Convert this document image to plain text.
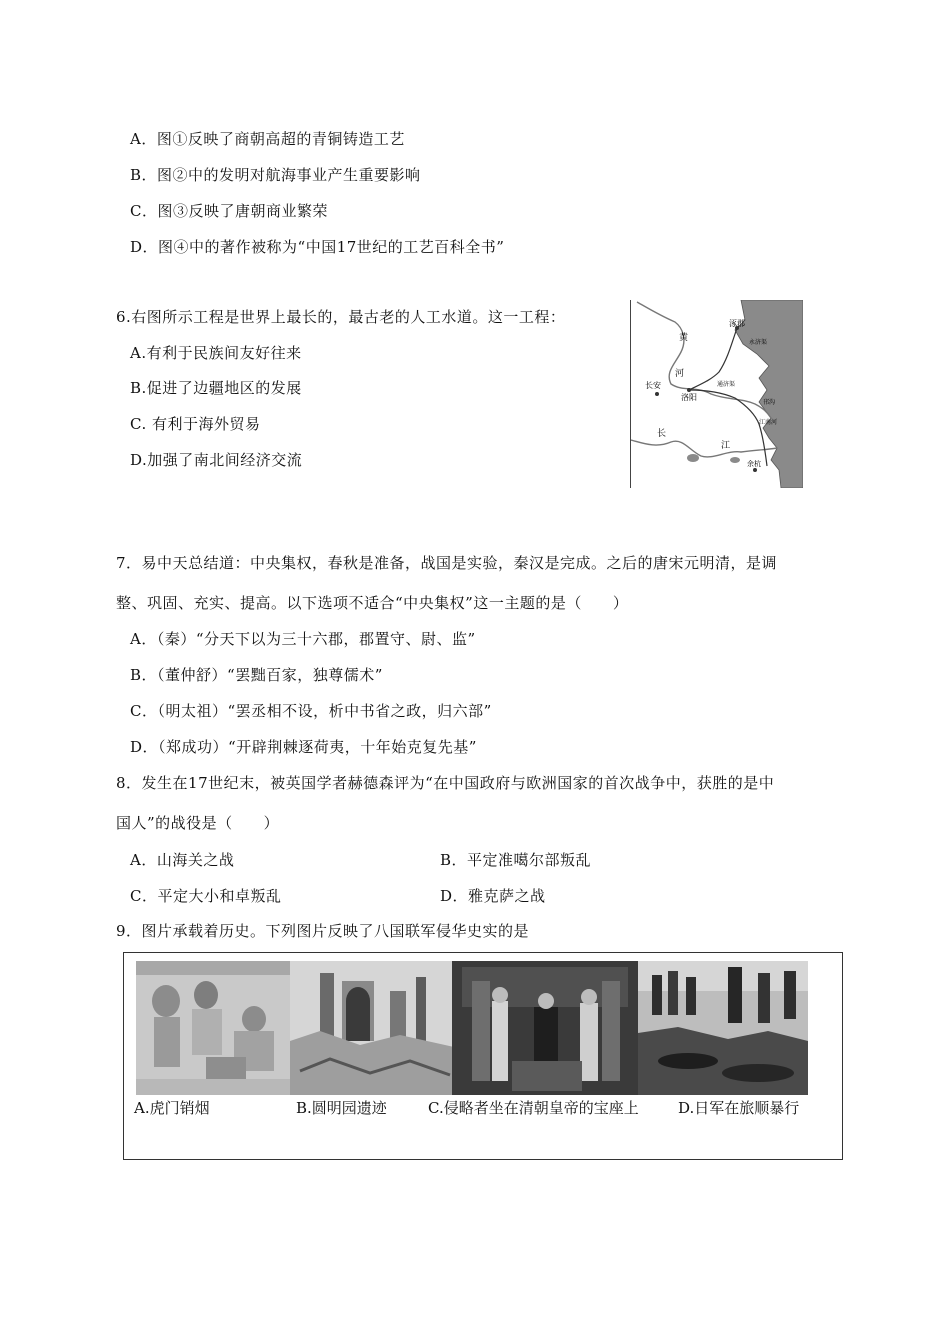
A．图①反映了商朝高超的青铜铸造工艺
B．图②中的发明对航海事业产生重要影响
C．图③反映了唐朝商业繁荣
D．图④中的著作被称为“中国17世纪的工艺百科全书”
6.右图所示工程是世界上最长的，最古老的人工水道。这一工程：
A.有利于民族间友好往来
B.促进了边疆地区的发展
C. 有利于海外贸易
D.加强了南北间经济交流
涿郡
永济渠
黄
河
长安	通济渠
洛阳
邗沟
江南河
长
江
余杭
7．易中天总结道：中央集权，春秋是准备，战国是实验，秦汉是完成。之后的唐宋元明清，是调
整、巩固、充实、提高。以下选项不适合“中央集权”这一主题的是（　　）
A．（秦）“分天下以为三十六郡，郡置守、尉、监”
B．（董仲舒）“罢黜百家，独尊儒术”
C．（明太祖）“罢丞相不设，析中书省之政，归六部”
D．（郑成功）“开辟荆棘逐荷夷，十年始克复先基”
8．发生在17世纪末，被英国学者赫德森评为“在中国政府与欧洲国家的首次战争中，获胜的是中
国人”的战役是（　　）
A．山海关之战	B．平定准噶尔部叛乱
C．平定大小和卓叛乱	D．雅克萨之战
9．图片承载着历史。下列图片反映了八国联军侵华史实的是
A.虎门销烟	B.圆明园遗迹	C.侵略者坐在清朝皇帝的宝座上	D.日军在旅顺暴行
